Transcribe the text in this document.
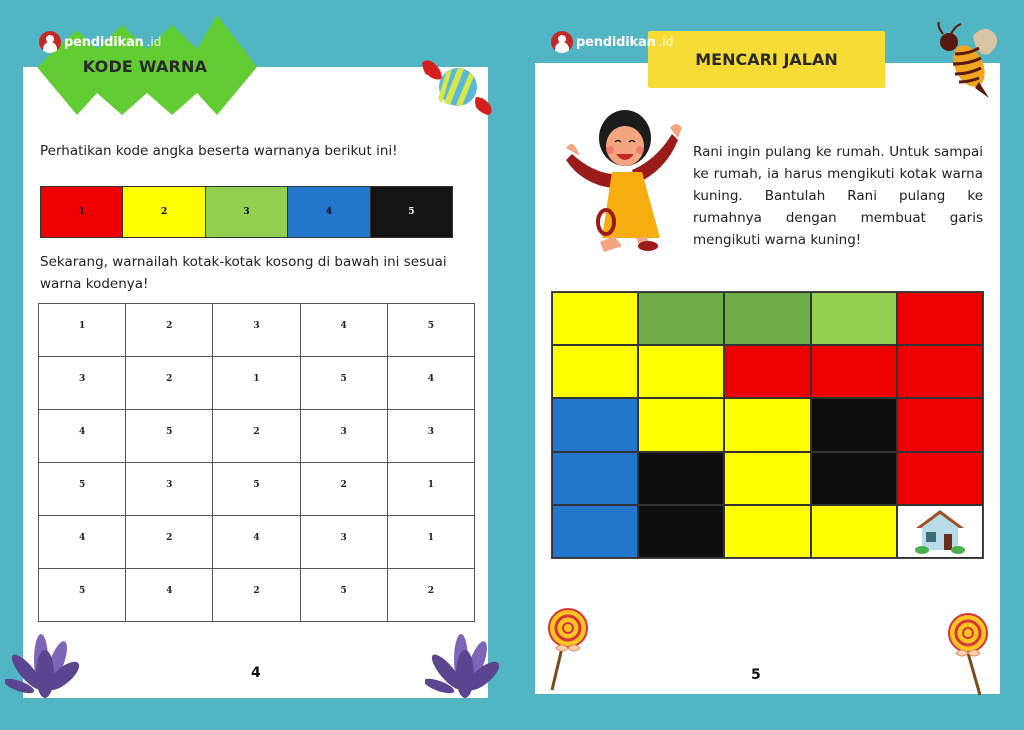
KODE WARNA
pendidikan .id
Perhatikan kode angka beserta warnanya berikut ini!
1	2	3	4	5
Sekarang, warnailah kotak-kotak kosong di bawah ini sesuai warna kodenya!
1	2	3	4	5
3	2	1	5	4
4	5	2	3	3
5	3	5	2	1
4	2	4	3	1
5	4	2	5	2
4
pendidikan .id
MENCARI JALAN
Rani ingin pulang ke rumah. Untuk sampai ke rumah, ia harus mengikuti kotak warna kuning. Bantulah Rani pulang ke rumahnya dengan membuat garis mengikuti warna kuning!
5
